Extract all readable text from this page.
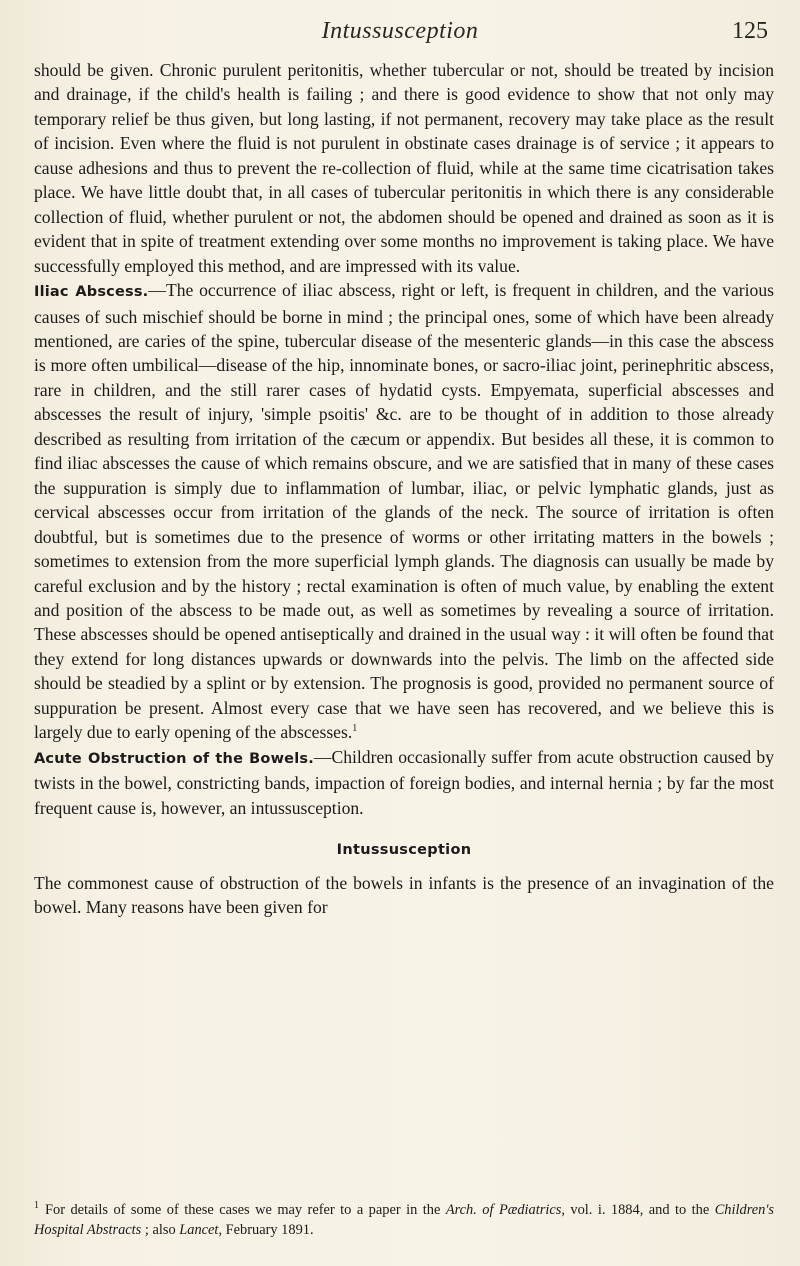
Intussusception	125

should be given. Chronic purulent peritonitis, whether tubercular or not, should be treated by incision and drainage, if the child's health is failing ; and there is good evidence to show that not only may temporary relief be thus given, but long lasting, if not permanent, recovery may take place as the result of incision. Even where the fluid is not purulent in obstinate cases drainage is of service ; it appears to cause adhesions and thus to prevent the re-collection of fluid, while at the same time cicatrisation takes place. We have little doubt that, in all cases of tubercular peritonitis in which there is any considerable collection of fluid, whether purulent or not, the abdomen should be opened and drained as soon as it is evident that in spite of treatment extending over some months no improvement is taking place. We have successfully employed this method, and are impressed with its value.

Iliac Abscess.—The occurrence of iliac abscess, right or left, is frequent in children, and the various causes of such mischief should be borne in mind ; the principal ones, some of which have been already mentioned, are caries of the spine, tubercular disease of the mesenteric glands—in this case the abscess is more often umbilical—disease of the hip, innominate bones, or sacro-iliac joint, perinephritic abscess, rare in children, and the still rarer cases of hydatid cysts. Empyemata, superficial abscesses and abscesses the result of injury, 'simple psoitis' &c. are to be thought of in addition to those already described as resulting from irritation of the cæcum or appendix. But besides all these, it is common to find iliac abscesses the cause of which remains obscure, and we are satisfied that in many of these cases the suppuration is simply due to inflammation of lumbar, iliac, or pelvic lymphatic glands, just as cervical abscesses occur from irritation of the glands of the neck. The source of irritation is often doubtful, but is sometimes due to the presence of worms or other irritating matters in the bowels ; sometimes to extension from the more superficial lymph glands. The diagnosis can usually be made by careful exclusion and by the history ; rectal examination is often of much value, by enabling the extent and position of the abscess to be made out, as well as sometimes by revealing a source of irritation. These abscesses should be opened antiseptically and drained in the usual way : it will often be found that they extend for long distances upwards or downwards into the pelvis. The limb on the affected side should be steadied by a splint or by extension. The prognosis is good, provided no permanent source of suppuration be present. Almost every case that we have seen has recovered, and we believe this is largely due to early opening of the abscesses.$^1$

Acute Obstruction of the Bowels.—Children occasionally suffer from acute obstruction caused by twists in the bowel, constricting bands, impaction of foreign bodies, and internal hernia ; by far the most frequent cause is, however, an intussusception.

Intussusception

The commonest cause of obstruction of the bowels in infants is the presence of an invagination of the bowel. Many reasons have been given for

$^1$ For details of some of these cases we may refer to a paper in the Arch. of Pædiatrics, vol. i. 1884, and to the Children's Hospital Abstracts ; also Lancet, February 1891.
